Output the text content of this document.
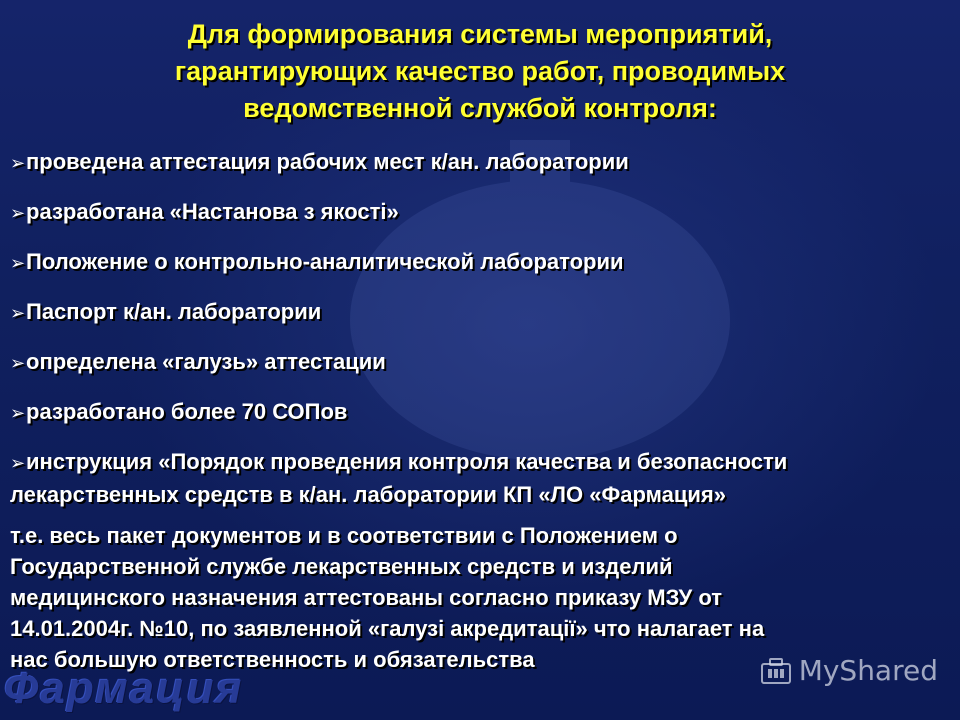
Для формирования системы мероприятий,
гарантирующих качество работ, проводимых
ведомственной службой контроля:
➢проведена аттестация рабочих мест к/ан. лаборатории
➢разработана «Настанова з якості»
➢Положение о контрольно-аналитической лаборатории
➢Паспорт к/ан. лаборатории
➢определена «галузь» аттестации
➢разработано более 70 СОПов
➢инструкция «Порядок проведения контроля качества и безопасности лекарственных средств в к/ан. лаборатории КП «ЛО «Фармация»
т.е. весь пакет документов и в соответствии с Положением о
Государственной службе лекарственных средств и изделий
медицинского назначения аттестованы согласно приказу МЗУ от
14.01.2004г. №10, по заявленной «галузі акредитації» что налагает на
нас большую ответственность и обязательства
Фармация	MyShared
